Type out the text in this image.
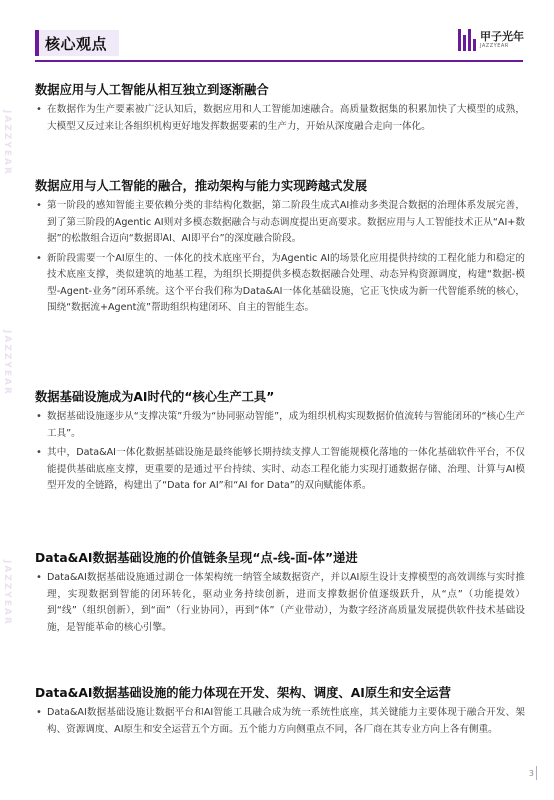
JAZZYEAR
JAZZYEAR
JAZZYEAR
核心观点	甲子光年
JAZZYEAR
数据应用与人工智能从相互独立到逐渐融合
• 在数据作为生产要素被广泛认知后，数据应用和人工智能加速融合。高质量数据集的积累加快了大模型的成熟，大模型又反过来让各组织机构更好地发挥数据要素的生产力，开始从深度融合走向一体化。
数据应用与人工智能的融合，推动架构与能力实现跨越式发展
• 第一阶段的感知智能主要依赖分类的非结构化数据，第二阶段生成式AI推动多类混合数据的治理体系发展完善，到了第三阶段的Agentic AI则对多模态数据融合与动态调度提出更高要求。数据应用与人工智能技术正从“AI+数据”的松散组合迈向“数据即AI、AI即平台”的深度融合阶段。
• 新阶段需要一个AI原生的、一体化的技术底座平台，为Agentic AI的场景化应用提供持续的工程化能力和稳定的技术底座支撑，类似建筑的地基工程，为组织长期提供多模态数据融合处理、动态异构资源调度，构建“数据-模型-Agent-业务”闭环系统。这个平台我们称为Data&AI一体化基础设施，它正飞快成为新一代智能系统的核心，围绕“数据流+Agent流”帮助组织构建闭环、自主的智能生态。
数据基础设施成为AI时代的“核心生产工具”
• 数据基础设施逐步从“支撑决策”升级为“协同驱动智能”，成为组织机构实现数据价值流转与智能闭环的“核心生产工具”。
• 其中，Data&AI一体化数据基础设施是最终能够长期持续支撑人工智能规模化落地的一体化基础软件平台，不仅能提供基础底座支撑，更重要的是通过平台持续、实时、动态工程化能力实现打通数据存储、治理、计算与AI模型开发的全链路，构建出了“Data for AI”和“AI for Data”的双向赋能体系。
Data&AI数据基础设施的价值链条呈现“点-线-面-体”递进
• Data&AI数据基础设施通过湖仓一体架构统一纳管全域数据资产，并以AI原生设计支撑模型的高效训练与实时推理，实现数据到智能的闭环转化，驱动业务持续创新，进而支撑数据价值逐级跃升，从“点”（功能提效）到“线”（组织创新），到“面”（行业协同），再到“体”（产业带动），为数字经济高质量发展提供软件技术基础设施，是智能革命的核心引擎。
Data&AI数据基础设施的能力体现在开发、架构、调度、AI原生和安全运营
• Data&AI数据基础设施让数据平台和AI智能工具融合成为统一系统性底座，其关键能力主要体现于融合开发、架构、资源调度、AI原生和安全运营五个方面。五个能力方向侧重点不同，各厂商在其专业方向上各有侧重。
3
